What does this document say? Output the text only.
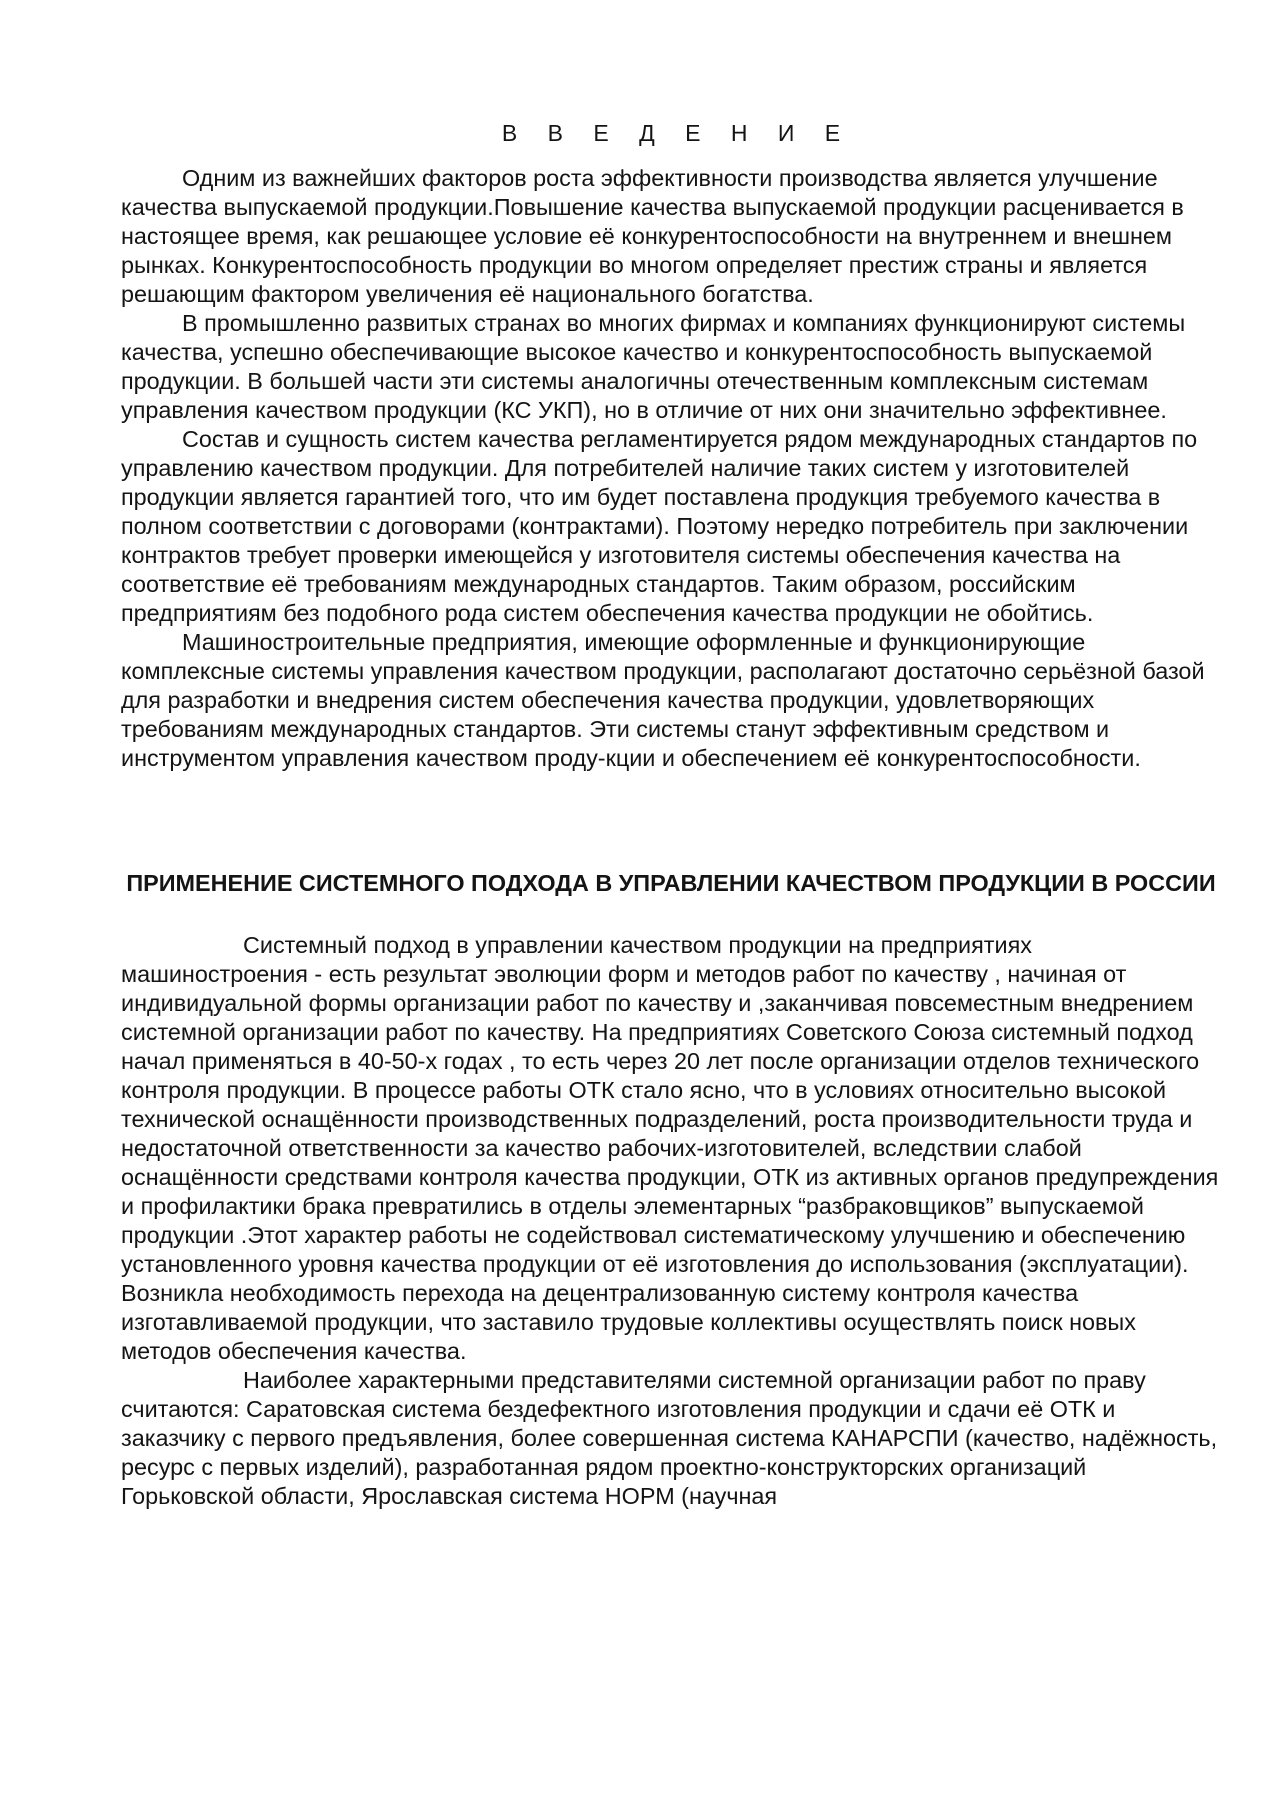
В В Е Д Е Н И Е

Одним из важнейших факторов роста эффективности производства является улучшение качества выпускаемой продукции.Повышение качества выпускаемой продукции расценивается в настоящее время, как решающее условие её конкурентоспособности на внутреннем и внешнем рынках. Конкурентоспособность продукции во многом определяет престиж страны и является решающим фактором увеличения её национального богатства.

В промышленно развитых странах во многих фирмах и компаниях функционируют системы качества, успешно обеспечивающие высокое качество и конкурентоспособность выпускаемой продукции. В большей части эти системы аналогичны отечественным комплексным системам управления качеством продукции (КС УКП), но в отличие от них они значительно эффективнее.

Состав и сущность систем качества регламентируется рядом международных стандартов по управлению качеством продукции. Для потребителей наличие таких систем у изготовителей продукции является гарантией того, что им будет поставлена продукция требуемого качества в полном соответствии с договорами (контрактами). Поэтому нередко потребитель при заключении контрактов требует проверки имеющейся у изготовителя системы обеспечения качества на соответствие её требованиям международных стандартов. Таким образом, российским предприятиям без подобного рода систем обеспечения качества продукции не обойтись.

Машиностроительные предприятия, имеющие оформленные и функционирующие комплексные системы управления качеством продукции, располагают достаточно серьёзной базой для разработки и внедрения систем обеспечения качества продукции, удовлетворяющих требованиям международных стандартов. Эти системы станут эффективным средством и инструментом управления качеством проду-кции и обеспечением её конкурентоспособности.

ПРИМЕНЕНИЕ СИСТЕМНОГО ПОДХОДА В УПРАВЛЕНИИ КАЧЕСТВОМ ПРОДУКЦИИ В РОССИИ

Системный подход в управлении качеством продукции на предприятиях машиностроения - есть результат эволюции форм и методов работ по качеству , начиная от индивидуальной формы организации работ по качеству и ,заканчивая повсеместным внедрением системной организации работ по качеству. На предприятиях Советского Союза системный подход начал применяться в 40-50-х годах , то есть через 20 лет после организации отделов технического контроля продукции. В процессе работы ОТК стало ясно, что в условиях относительно высокой технической оснащённости производственных подразделений, роста производительности труда и недостаточной ответственности за качество рабочих-изготовителей, вследствии слабой оснащённости средствами контроля качества продукции, ОТК из активных органов предупреждения и профилактики брака превратились в отделы элементарных “разбраковщиков” выпускаемой продукции .Этот характер работы не содействовал систематическому улучшению и обеспечению установленного уровня качества продукции от её изготовления до использования (эксплуатации). Возникла необходимость перехода на децентрализованную систему контроля качества изготавливаемой продукции, что заставило трудовые коллективы осуществлять поиск новых методов обеспечения качества.

Наиболее характерными представителями системной организации работ по праву считаются: Саратовская система бездефектного изготовления продукции и сдачи её ОТК и заказчику с первого предъявления, более совершенная система КАНАРСПИ (качество, надёжность, ресурс с первых изделий), разработанная рядом проектно-конструкторских организаций Горьковской области, Ярославская система НОРМ (научная
